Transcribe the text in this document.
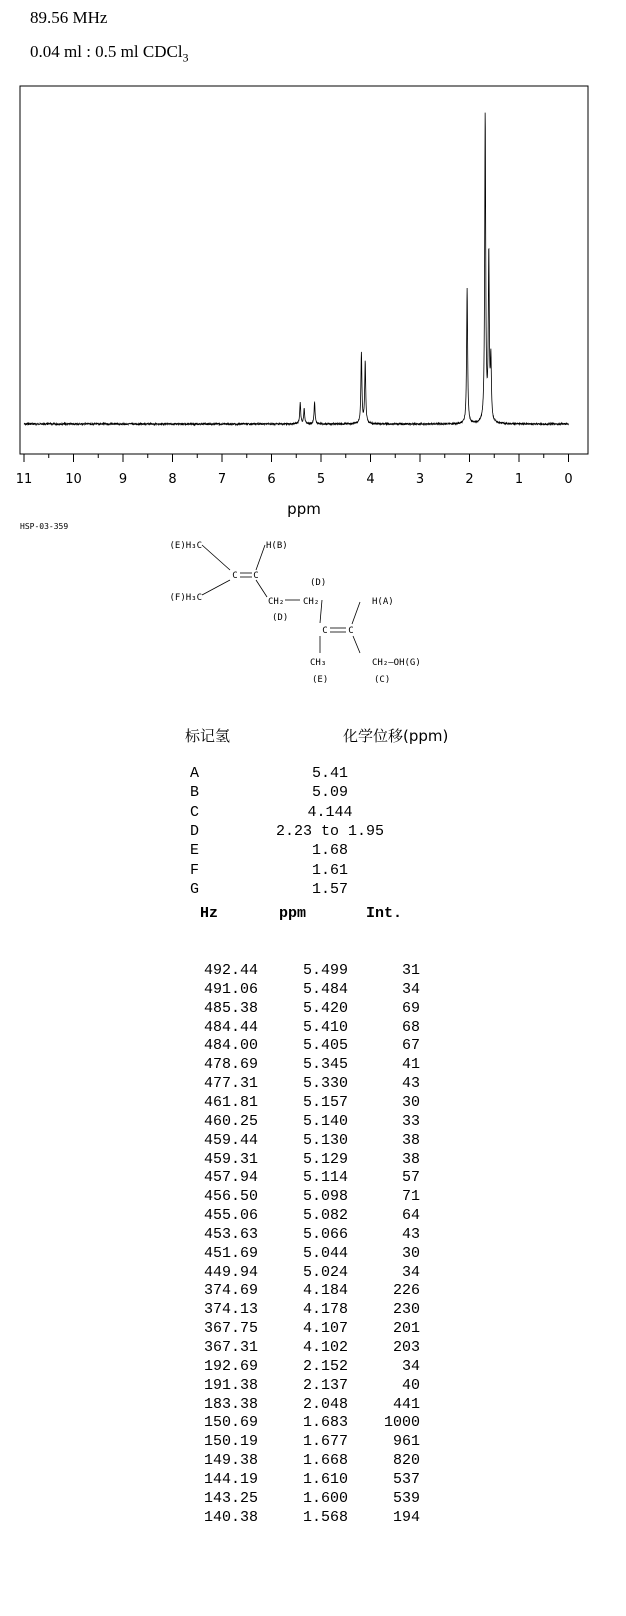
89.56 MHz
0.04 ml : 0.5 ml CDCl$_3$
11	10	9	8	7	6	5	4	3	2	1	0
ppm
HSP-03-359
(E)H₃C
(F)H₃C
C C
H(B)
(D)
CH₂ CH₂
(D)
C C
H(A)
CH₃
(E)
CH₂—OH(G)
(C)
标记氢	化学位移(ppm)
A	5.41
B	5.09
C	4.144
D	2.23 to 1.95
E	1.68
F	1.61
G	1.57
Hz	ppm	Int.
492.44	5.499	31
491.06	5.484	34
485.38	5.420	69
484.44	5.410	68
484.00	5.405	67
478.69	5.345	41
477.31	5.330	43
461.81	5.157	30
460.25	5.140	33
459.44	5.130	38
459.31	5.129	38
457.94	5.114	57
456.50	5.098	71
455.06	5.082	64
453.63	5.066	43
451.69	5.044	30
449.94	5.024	34
374.69	4.184	226
374.13	4.178	230
367.75	4.107	201
367.31	4.102	203
192.69	2.152	34
191.38	2.137	40
183.38	2.048	441
150.69	1.683	1000
150.19	1.677	961
149.38	1.668	820
144.19	1.610	537
143.25	1.600	539
140.38	1.568	194
